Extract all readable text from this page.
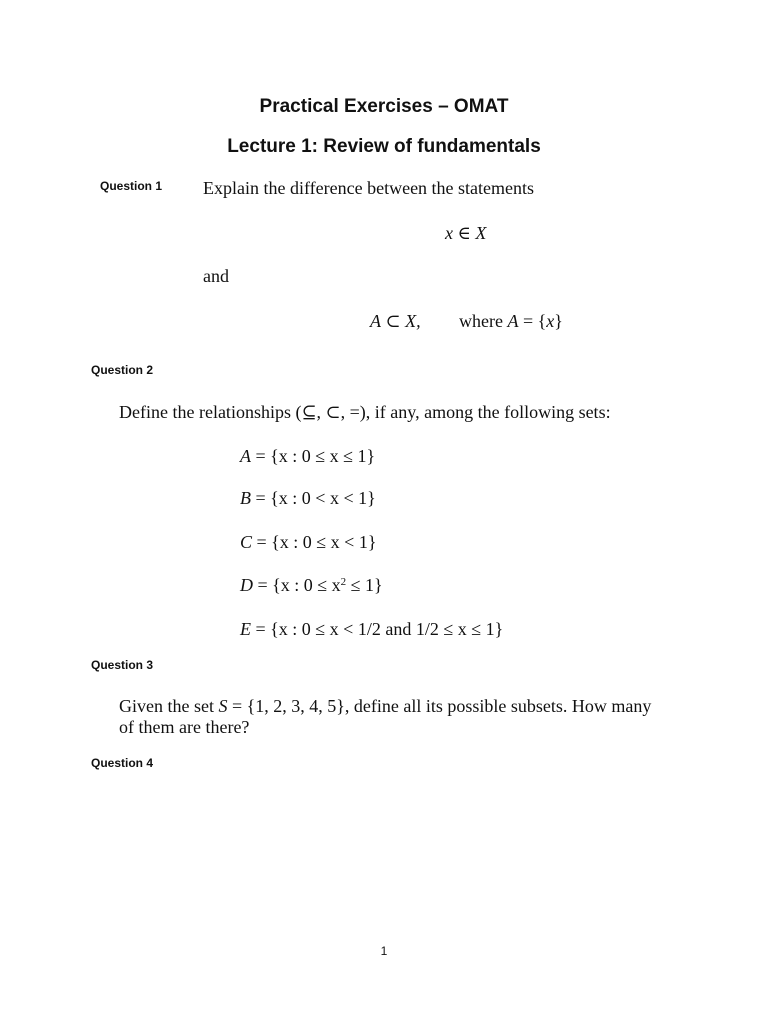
Practical Exercises – OMAT
Lecture 1: Review of fundamentals
Question 1 Explain the difference between the statements
x ∈ X
and
A ⊂ X, where A = {x}
Question 2
Define the relationships (⊆, ⊂, =), if any, among the following sets:
A = {x : 0 ≤ x ≤ 1}
B = {x : 0 < x < 1}
C = {x : 0 ≤ x < 1}
D = {x : $0 \le x^2 \le 1$}
E = {x : 0 ≤ x < 1/2 and 1/2 ≤ x ≤ 1}
Question 3
Given the set S = {1, 2, 3, 4, 5}, define all its possible subsets. How many
of them are there?
Question 4
1
